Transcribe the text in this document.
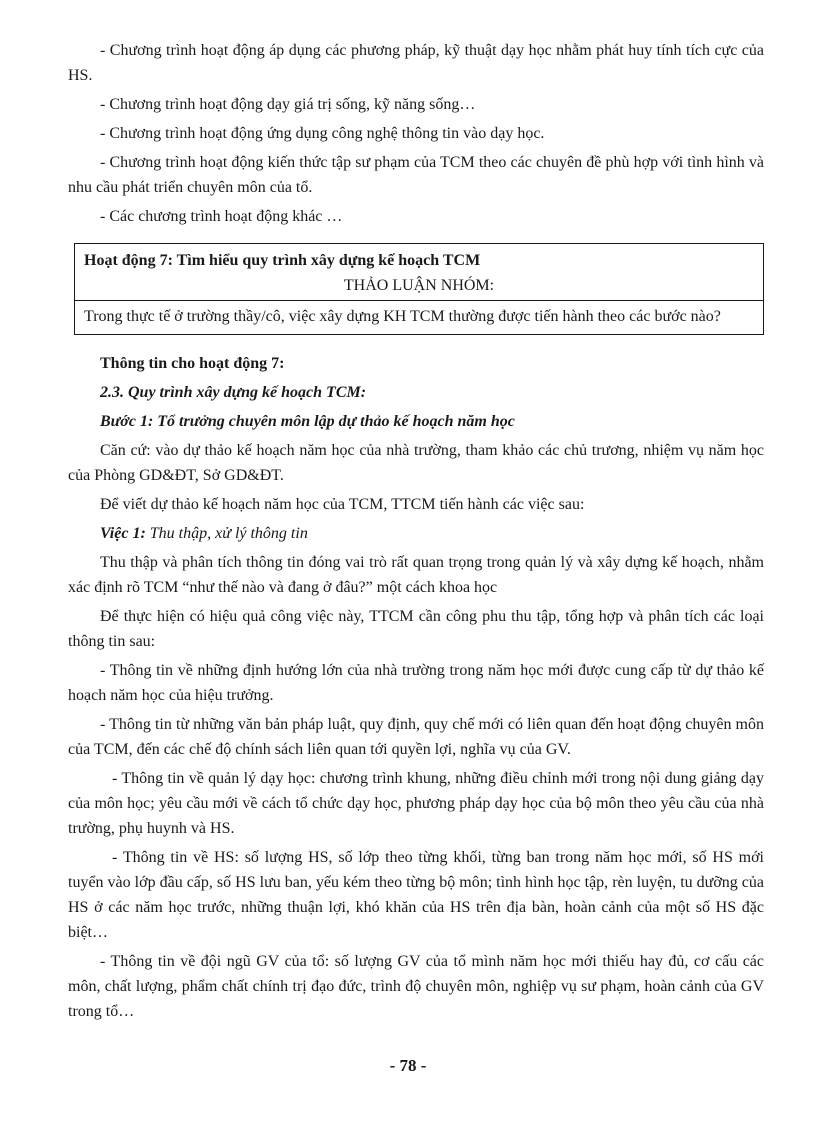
- Chương trình hoạt động áp dụng các phương pháp, kỹ thuật dạy học nhằm phát huy tính tích cực của HS.

- Chương trình hoạt động dạy giá trị sống, kỹ năng sống…

- Chương trình hoạt động ứng dụng công nghệ thông tin vào dạy học.

- Chương trình hoạt động kiến thức tập sư phạm của TCM theo các chuyên đề phù hợp với tình hình và nhu cầu phát triển chuyên môn của tổ.

- Các chương trình hoạt động khác …

Hoạt động 7: Tìm hiểu quy trình xây dựng kế hoạch TCM

THẢO LUẬN NHÓM:

Trong thực tế ở trường thầy/cô, việc xây dựng KH TCM thường được tiến hành theo các bước nào?

Thông tin cho hoạt động 7:

2.3. Quy trình xây dựng kế hoạch TCM:

Bước 1: Tổ trưởng chuyên môn lập dự thảo kế hoạch năm học

Căn cứ: vào dự thảo kế hoạch năm học của nhà trường, tham khảo các chủ trương, nhiệm vụ năm học của Phòng GD&ĐT, Sở GD&ĐT.

Để viết dự thảo kế hoạch năm học của TCM, TTCM tiến hành các việc sau:

Việc 1: Thu thập, xử lý thông tin

Thu thập và phân tích thông tin đóng vai trò rất quan trọng trong quản lý và xây dựng kế hoạch, nhằm xác định rõ TCM “như thế nào và đang ở đâu?” một cách khoa học

Để thực hiện có hiệu quả công việc này, TTCM cần công phu thu tập, tổng hợp và phân tích các loại thông tin sau:

- Thông tin về những định hướng lớn của nhà trường trong năm học mới được cung cấp từ dự thảo kế hoạch năm học của hiệu trưởng.

- Thông tin từ những văn bản pháp luật, quy định, quy chế mới có liên quan đến hoạt động chuyên môn của TCM, đến các chế độ chính sách liên quan tới quyền lợi, nghĩa vụ của GV.

- Thông tin về quản lý dạy học: chương trình khung, những điều chỉnh mới trong nội dung giảng dạy của môn học; yêu cầu mới về cách tổ chức dạy học, phương pháp dạy học của bộ môn theo yêu cầu của nhà trường, phụ huynh và HS.

- Thông tin về HS: số lượng HS, số lớp theo từng khối, từng ban trong năm học mới, số HS mới tuyển vào lớp đầu cấp, số HS lưu ban, yếu kém theo từng bộ môn; tình hình học tập, rèn luyện, tu dưỡng của HS ở các năm học trước, những thuận lợi, khó khăn của HS trên địa bàn, hoàn cảnh của một số HS đặc biệt…

- Thông tin về đội ngũ GV của tổ: số lượng GV của tổ mình năm học mới thiếu hay đủ, cơ cấu các môn, chất lượng, phẩm chất chính trị đạo đức, trình độ chuyên môn, nghiệp vụ sư phạm, hoàn cảnh của GV trong tổ…

- 78 -
